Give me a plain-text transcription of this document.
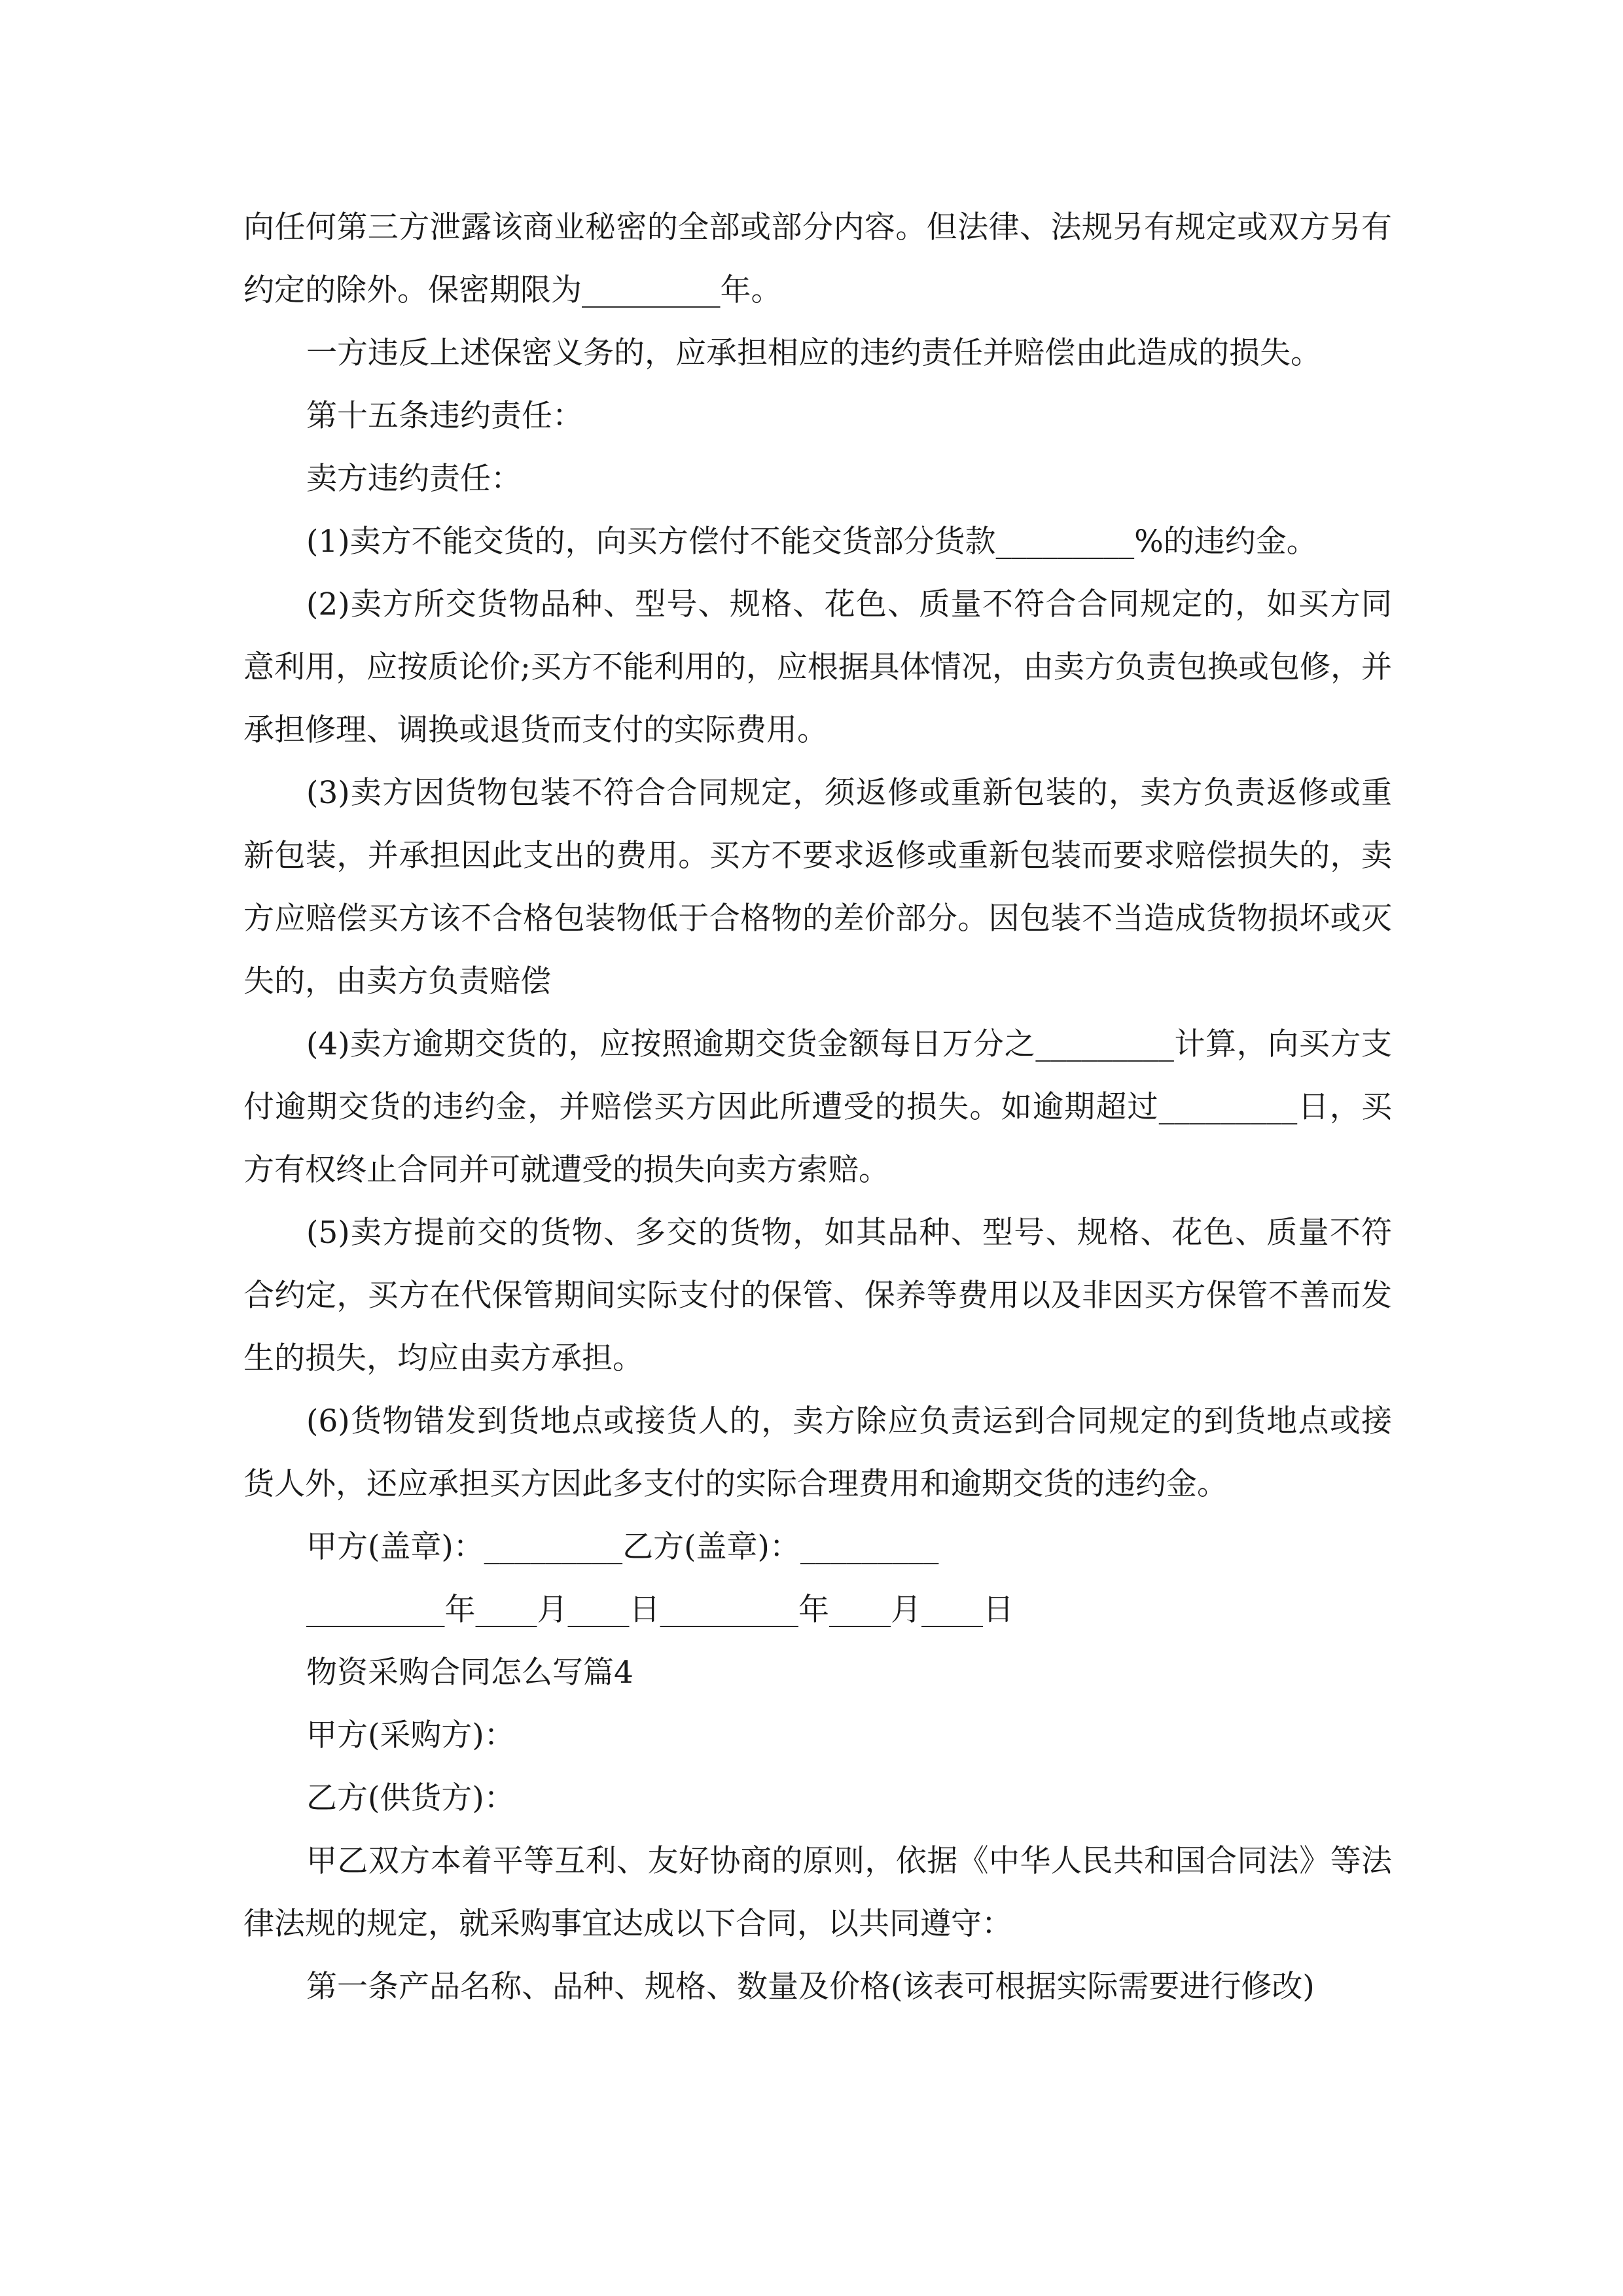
向任何第三方泄露该商业秘密的全部或部分内容。但法律、法规另有规定或双方另有约定的除外。保密期限为_________年。

一方违反上述保密义务的，应承担相应的违约责任并赔偿由此造成的损失。

第十五条违约责任：

卖方违约责任：

(1)卖方不能交货的，向买方偿付不能交货部分货款_________%的违约金。

(2)卖方所交货物品种、型号、规格、花色、质量不符合合同规定的，如买方同意利用，应按质论价;买方不能利用的，应根据具体情况，由卖方负责包换或包修，并承担修理、调换或退货而支付的实际费用。

(3)卖方因货物包装不符合合同规定，须返修或重新包装的，卖方负责返修或重新包装，并承担因此支出的费用。买方不要求返修或重新包装而要求赔偿损失的，卖方应赔偿买方该不合格包装物低于合格物的差价部分。因包装不当造成货物损坏或灭失的，由卖方负责赔偿

(4)卖方逾期交货的，应按照逾期交货金额每日万分之_________计算，向买方支付逾期交货的违约金，并赔偿买方因此所遭受的损失。如逾期超过_________日，买方有权终止合同并可就遭受的损失向卖方索赔。

(5)卖方提前交的货物、多交的货物，如其品种、型号、规格、花色、质量不符合约定，买方在代保管期间实际支付的保管、保养等费用以及非因买方保管不善而发生的损失，均应由卖方承担。

(6)货物错发到货地点或接货人的，卖方除应负责运到合同规定的到货地点或接货人外，还应承担买方因此多支付的实际合理费用和逾期交货的违约金。

甲方(盖章)：_________乙方(盖章)：_________

_________年____月____日_________年____月____日

物资采购合同怎么写篇4

甲方(采购方)：

乙方(供货方)：

甲乙双方本着平等互利、友好协商的原则，依据《中华人民共和国合同法》等法律法规的规定，就采购事宜达成以下合同，以共同遵守：

第一条产品名称、品种、规格、数量及价格(该表可根据实际需要进行修改)
